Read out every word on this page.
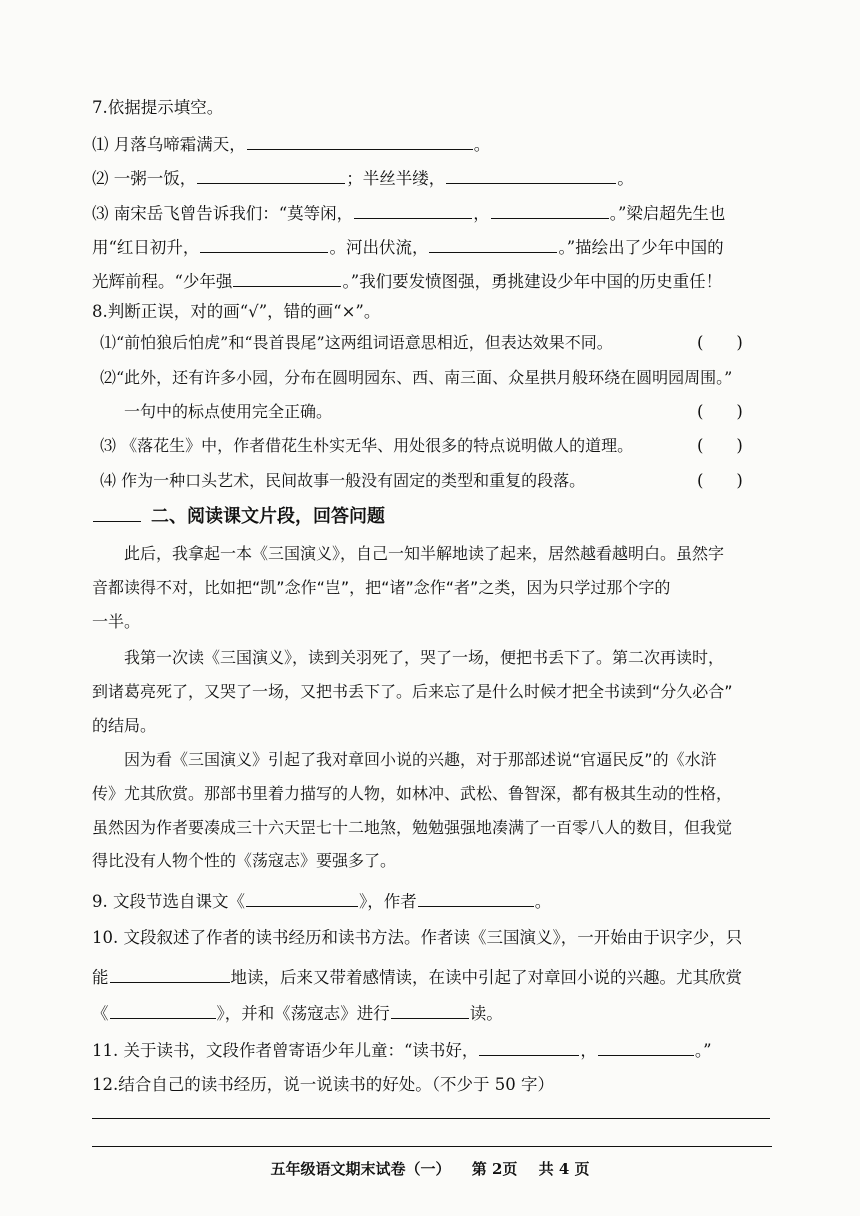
7.依据提示填空。
⑴ 月落乌啼霜满天，	。
⑵ 一粥一饭，	；半丝半缕，	。
⑶ 南宋岳飞曾告诉我们：“莫等闲，	，	。”梁启超先生也
用“红日初升，	。河出伏流，	。”描绘出了少年中国的
光辉前程。“少年强	。”我们要发愤图强，勇挑建设少年中国的历史重任！
8.判断正误，对的画“√”，错的画“×”。
⑴“前怕狼后怕虎”和“畏首畏尾”这两组词语意思相近，但表达效果不同。	(　　)
⑵“此外，还有许多小园，分布在圆明园东、西、南三面、众星拱月般环绕在圆明园周围。”
一句中的标点使用完全正确。	(　　)
⑶ 《落花生》中，作者借花生朴实无华、用处很多的特点说明做人的道理。	(　　)
⑷ 作为一种口头艺术，民间故事一般没有固定的类型和重复的段落。	(　　)
二、阅读课文片段，回答问题
此后，我拿起一本《三国演义》，自己一知半解地读了起来，居然越看越明白。虽然字
音都读得不对，比如把“凯”念作“岂”，把“诸”念作“者”之类，因为只学过那个字的
一半。
我第一次读《三国演义》，读到关羽死了，哭了一场，便把书丢下了。第二次再读时，
到诸葛亮死了，又哭了一场，又把书丢下了。后来忘了是什么时候才把全书读到“分久必合”
的结局。
因为看《三国演义》引起了我对章回小说的兴趣，对于那部述说“官逼民反”的《水浒
传》尤其欣赏。那部书里着力描写的人物，如林冲、武松、鲁智深，都有极其生动的性格，
虽然因为作者要凑成三十六天罡七十二地煞，勉勉强强地凑满了一百零八人的数目，但我觉
得比没有人物个性的《荡寇志》要强多了。
9. 文段节选自课文《	》，作者	。
10. 文段叙述了作者的读书经历和读书方法。作者读《三国演义》，一开始由于识字少，只
能	地读，后来又带着感情读，在读中引起了对章回小说的兴趣。尤其欣赏
《	》，并和《荡寇志》进行	读。
11. 关于读书，文段作者曾寄语少年儿童：“读书好，	，	。”
12.结合自己的读书经历，说一说读书的好处。（不少于 50 字）
五年级语文期末试卷（一） 第 2页 共 4 页
